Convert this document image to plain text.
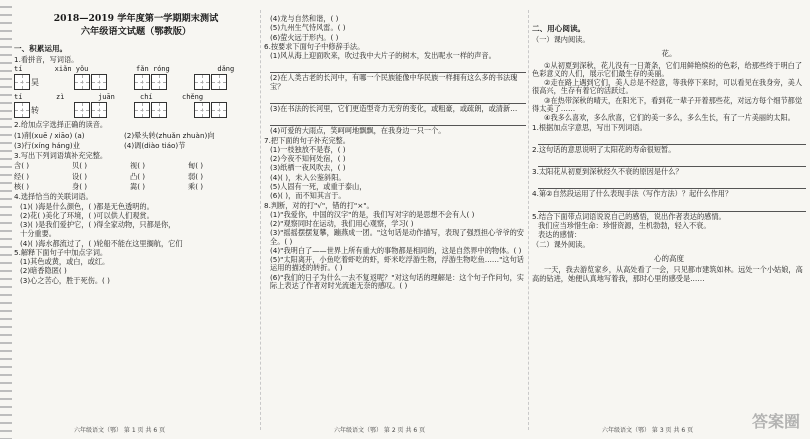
2018—2019 学年度第一学期期末测试
六年级语文试题（鄂教版）
一、积累运用。
1.看拼音，写词语。
tí	xiǎn yǒu	fǎn róng	dǎng
昊
tí	zì	juān	chí	chěng
转
2.给加点字选择正确的读音。
(1)削(xuē / xiāo) (a)	(2)晕头转(zhuǎn zhuàn)向
(3)行(xíng háng)业	(4)调(diào tiáo)节
3.写出下列词语填补充完整。
含( )	贝( )	视( )	甸( )
经( )	设( )	凸( )	弱( )
核( )	身( )	嵩( )	乘( )
4.选择恰当的关联词语。
(1)( )海是什么颜色，( )都是无色透明的。
(2)花( )美化了环境，( )可以供人们观赏。
(3)( )是我们爱护它，( )得全家动物，只都是你，
十分重要。
(4)( )海水都流过了，( )轮船不能在这里搁航，它们
5.解释下面句子中加点字词。
(1)其色或黄，或白，或红。
(2)暗香隐匿( )
(3)心之苦心，胜于死伤。( )
六年级语文（鄂） 第 1 页 共 6 页
(4)龙与自然和谐，( )
(5)九州生气恃风雷。( )
(6)萤火远于形内。( )
6.按要求下面句子中修辞手法。
(1)风从海上迎面吹来，吹过我中大片子的树木，发出呢水一样的声音。
(2)在人类古老的长河中，有哪一个民族能像中华民族一样拥有这么多的书法瑰宝？
(3)在书法的长河里，它们更造型奇力无穷的变化，或粗豪，或疏朗，或清新…
(4)可爱的大雨点，笑呵呵地飘飘，在我身边一只一个。
7.把下面的句子补充完整。
(1)一枝独放不是春，( )
(2)今夜不知何处宿，( )
(3)纸栖一夜风吹去，( )
(4)( )，未入公鉴斜阳。
(5)人固有一死，或重于泰山，
(6)( )，而不知其言于。
8.判断，对的打"√"，错的打"×"。
(1)"我爱你，中国的汉字"的是，我们写对字的是思想不会有人( )
(2)"观察同时在运动，我们用心观察，学习( )
(3)"摇摇摆摆复攀，蹦燕成一团。"这句话是动作描写，表现了强烈担心爷爷的安全。( )
(4)"我明白了——世界上所有重大的事物都是相同的，这是自然界中的物体。( )
(5)"太阳离开，小鱼吃着虾吃的虾，虾米吃浮游生物，浮游生物吃鱼……"这句话运用的描述的转折。( )
(6)"我们的日子为什么一去不复返呢？"对这句话的理解是：这个句子作问句，实际上表达了作者对时光流逝无奈的感叹。( )
六年级语文（鄂） 第 2 页 共 6 页
二、用心阅读。
（一）课内阅读。
花。
①从初夏到深秋，花儿没有一日萧条，它们用鲜艳缤纷的色彩，给那些终于明白了色彩意义的人们，展示它们最生存的美丽。
②走在路上遇到它们，美人总是不经意，等我停下来时，可以看见在我身旁，美人很高兴，生存有着它的活跃过。
③在热带深秋的晴天，在阳光下，看到花一辈子开着那些花，对远方每个细节都觉得太美了……
④我多么喜欢，多么欣喜，它们的美一多么，多么生长，有了一片美丽的太阳。
1.根据加点字意思，写出下列词语。
2.这句话的意思说明了太阳花的寿命很短暂。
3.太阳花从初夏到深秋经久不衰的原因是什么？
4.第②自然段运用了什么表现手法（写作方法）？起什么作用？
5.结合下面带点词语说说自己的感悟，说出作者表达的感情。
我们应当珍惜生命：珍惜资源，生机勃勃，轻入不衰。
表达的感情：
（二）课外阅读。
心的高度
一天，我去游览家乡，从高处看了一会，只见都市建筑如林。远处一个小姑娘，高高的钻进，她便认真地写着我，那时心里的感受是……
六年级语文（鄂） 第 3 页 共 6 页	答案圈
